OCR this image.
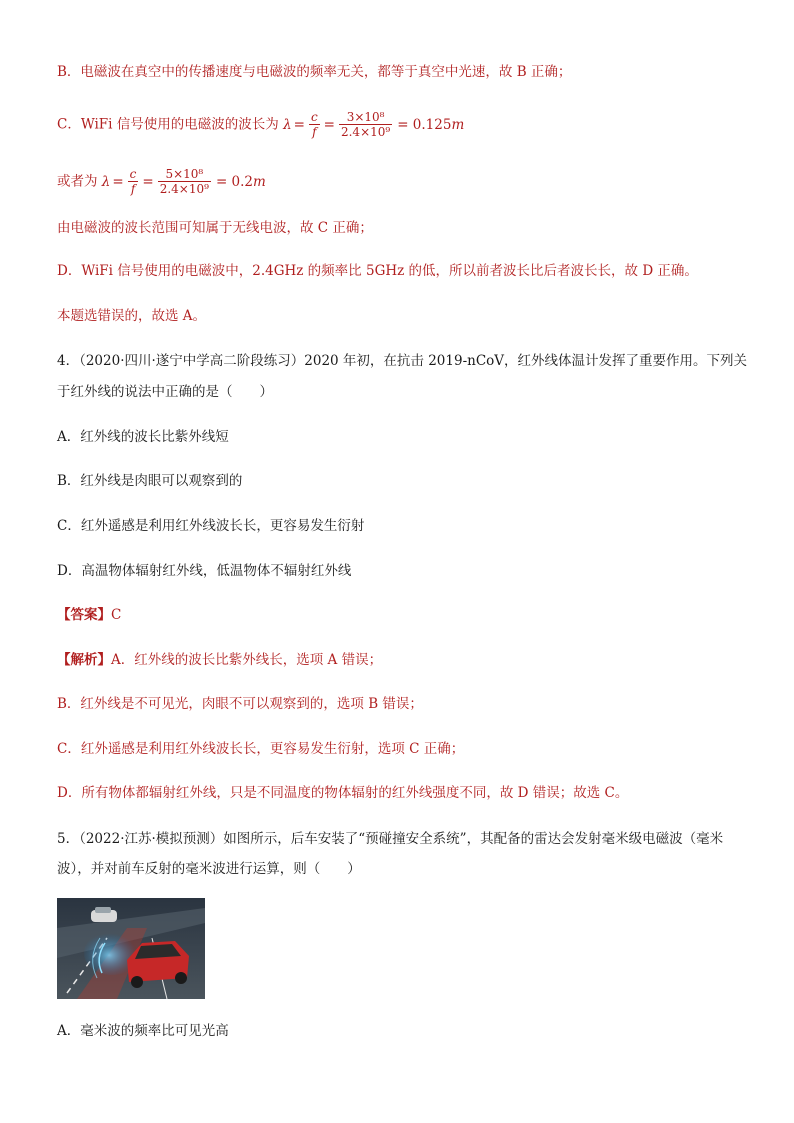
B．电磁波在真空中的传播速度与电磁波的频率无关，都等于真空中光速，故 B 正确；
C．WiFi 信号使用的电磁波的波长为 $\lambda = \frac{c}{f} = \frac{\text{3×10⁸}}{\text{2.4×10⁹}} = 0.125$ m
或者为 $\lambda = \frac{c}{f} = \frac{\text{5×10⁸}}{\text{2.4×10⁹}} = 0.2$ m
由电磁波的波长范围可知属于无线电波，故 C 正确；
D．WiFi 信号使用的电磁波中，2.4GHz 的频率比 5GHz 的低，所以前者波长比后者波长长，故 D 正确。
本题选错误的，故选 A。
4．（2020·四川·遂宁中学高二阶段练习）2020 年初，在抗击 2019-nCoV，红外线体温计发挥了重要作用。下列关
于红外线的说法中正确的是（　　）
A．红外线的波长比紫外线短
B．红外线是肉眼可以观察到的
C．红外遥感是利用红外线波长长，更容易发生衍射
D．高温物体辐射红外线，低温物体不辐射红外线
【答案】C
【解析】A．红外线的波长比紫外线长，选项 A 错误；
B．红外线是不可见光，肉眼不可以观察到的，选项 B 错误；
C．红外遥感是利用红外线波长长，更容易发生衍射，选项 C 正确；
D．所有物体都辐射红外线，只是不同温度的物体辐射的红外线强度不同，故 D 错误；故选 C。
5．（2022·江苏·模拟预测）如图所示，后车安装了“预碰撞安全系统”，其配备的雷达会发射毫米级电磁波（毫米
波），并对前车反射的毫米波进行运算，则（　　）
A．毫米波的频率比可见光高
